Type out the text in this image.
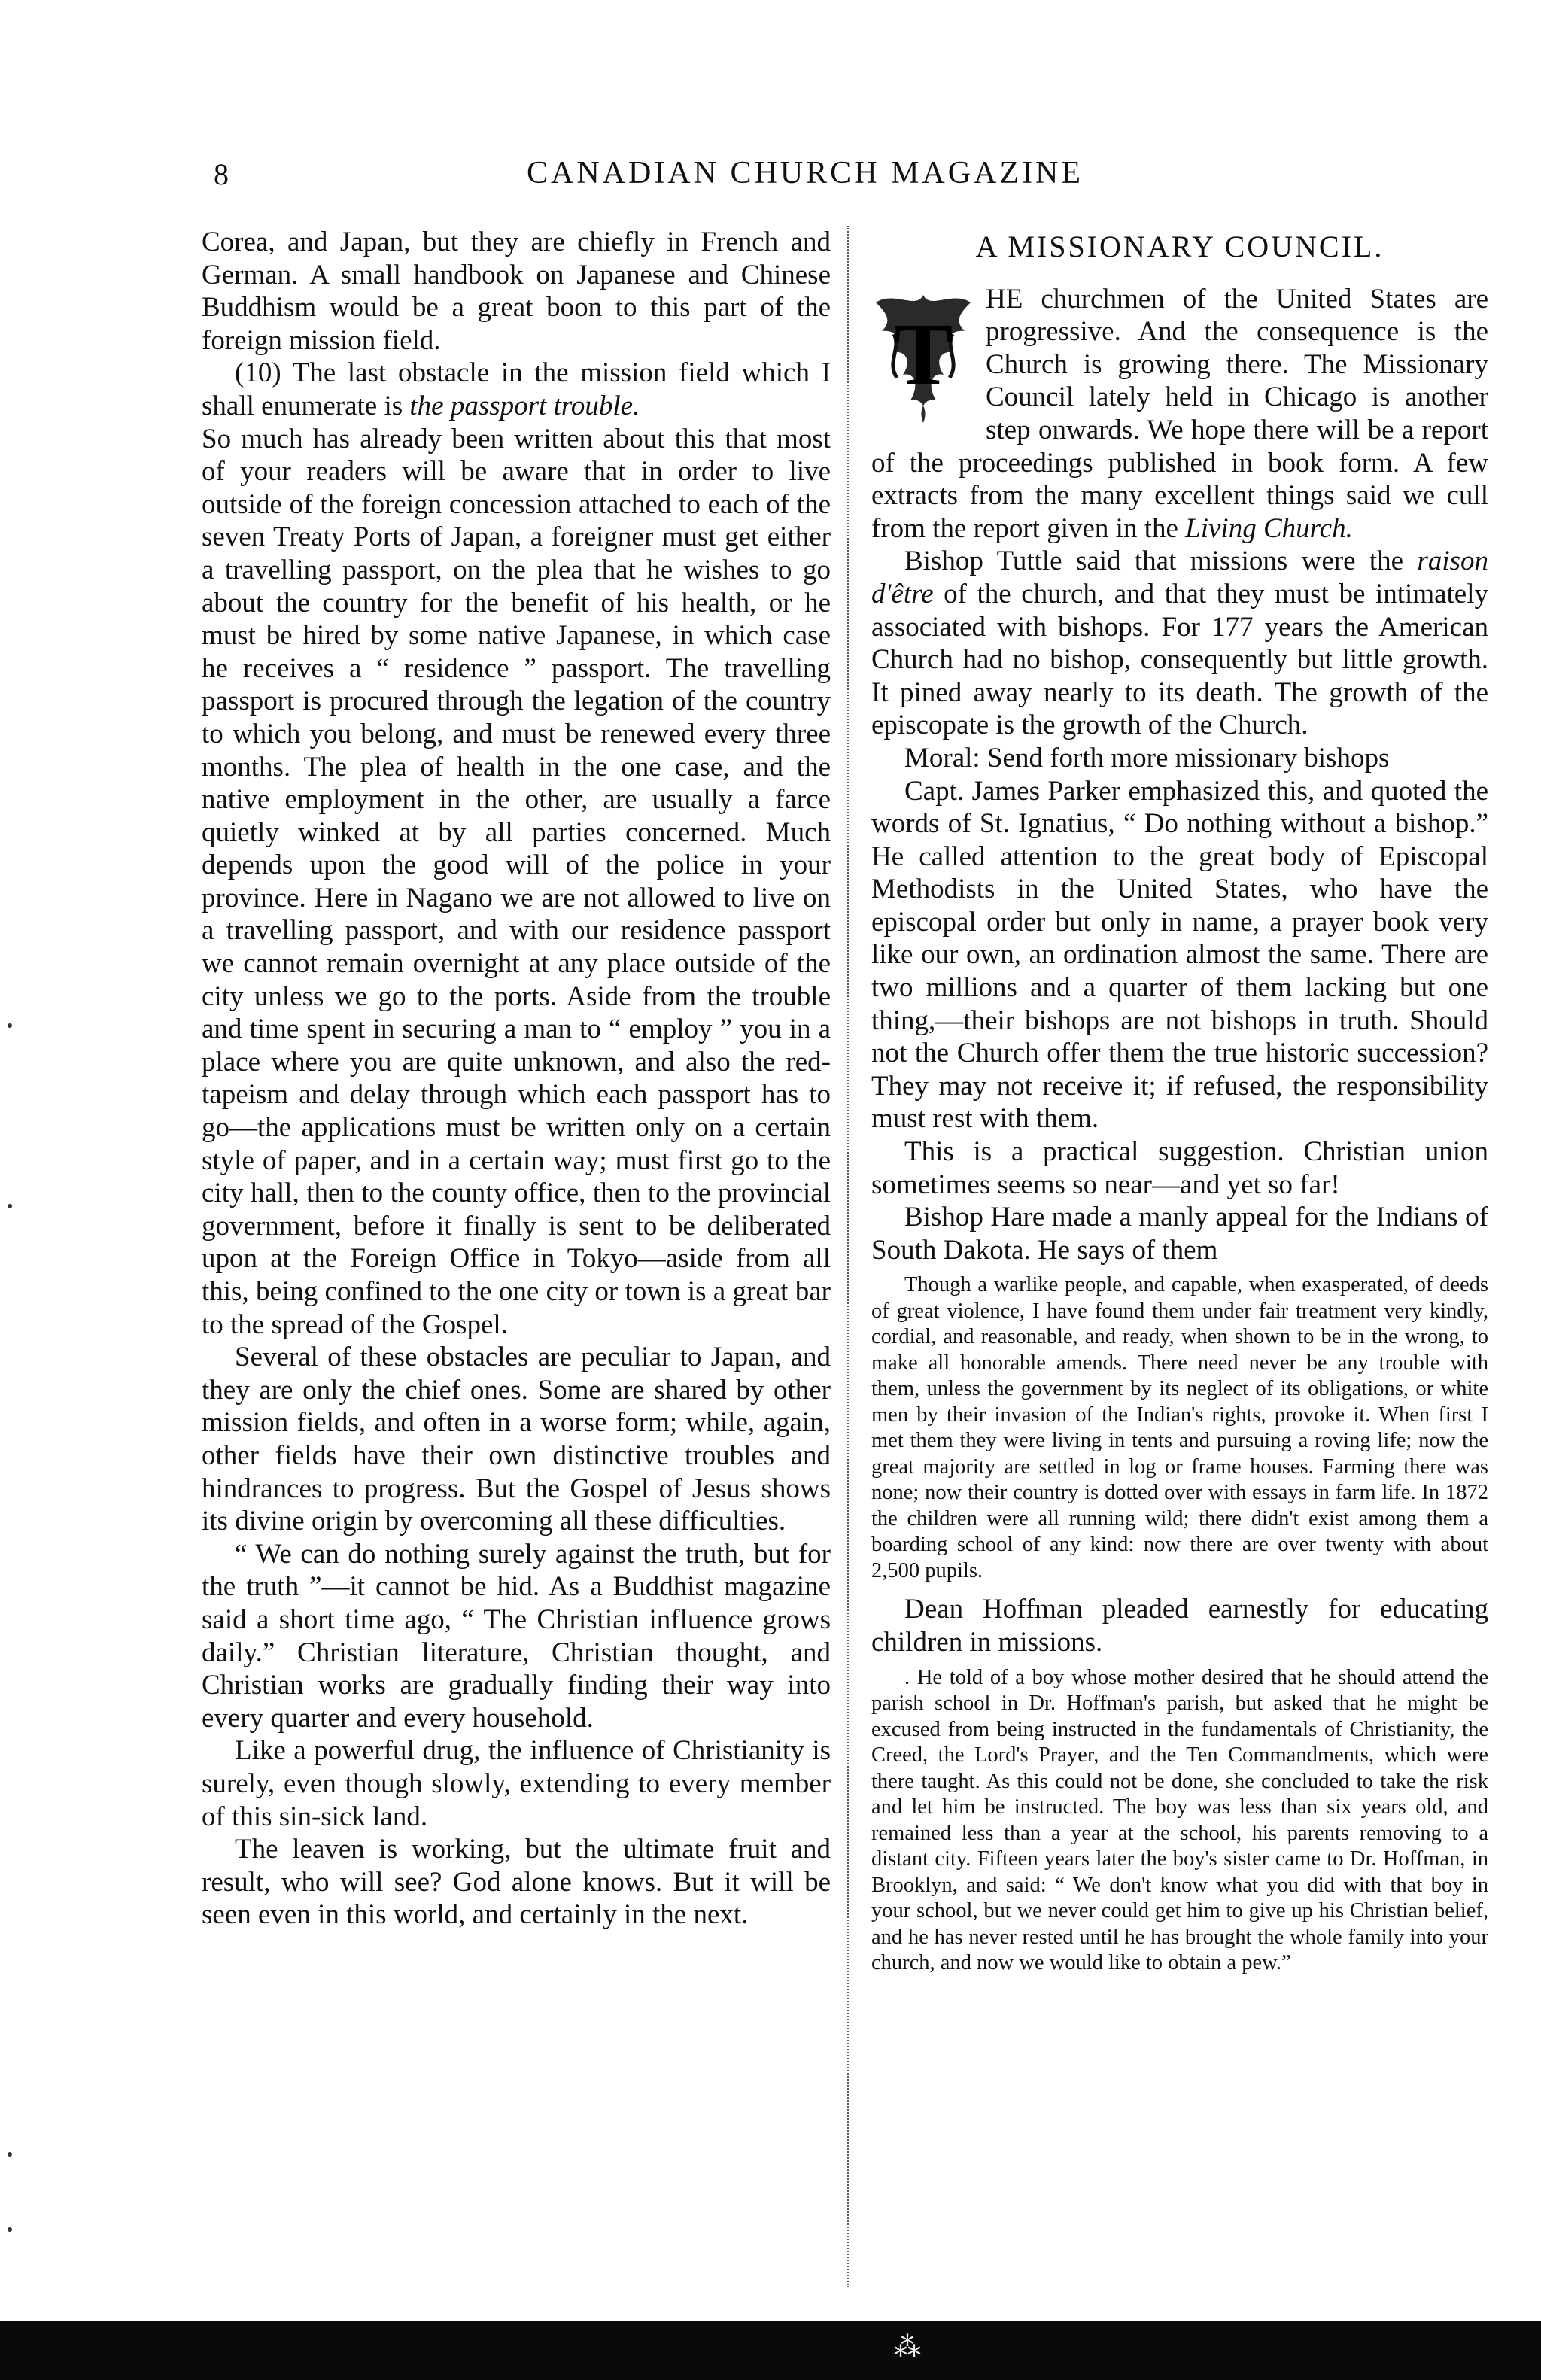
8	CANADIAN CHURCH MAGAZINE

Corea, and Japan, but they are chiefly in French and German. A small handbook on Japanese and Chinese Buddhism would be a great boon to this part of the foreign mission field.

(10) The last obstacle in the mission field which I shall enumerate is the passport trouble.

So much has already been written about this that most of your readers will be aware that in order to live outside of the foreign concession attached to each of the seven Treaty Ports of Japan, a foreigner must get either a travelling passport, on the plea that he wishes to go about the country for the benefit of his health, or he must be hired by some native Japanese, in which case he receives a “ residence ” passport. The travelling passport is procured through the legation of the country to which you belong, and must be renewed every three months. The plea of health in the one case, and the native employment in the other, are usually a farce quietly winked at by all parties concerned. Much depends upon the good will of the police in your province. Here in Nagano we are not allowed to live on a travelling passport, and with our residence passport we cannot remain overnight at any place outside of the city unless we go to the ports. Aside from the trouble and time spent in securing a man to “ employ ” you in a place where you are quite unknown, and also the red-tapeism and delay through which each passport has to go—the applications must be written only on a certain style of paper, and in a certain way; must first go to the city hall, then to the county office, then to the provincial government, before it finally is sent to be deliberated upon at the Foreign Office in Tokyo—aside from all this, being confined to the one city or town is a great bar to the spread of the Gospel.

Several of these obstacles are peculiar to Japan, and they are only the chief ones. Some are shared by other mission fields, and often in a worse form; while, again, other fields have their own distinctive troubles and hindrances to progress. But the Gospel of Jesus shows its divine origin by overcoming all these difficulties.

“ We can do nothing surely against the truth, but for the truth ”—it cannot be hid. As a Buddhist magazine said a short time ago, “ The Christian influence grows daily.” Christian literature, Christian thought, and Christian works are gradually finding their way into every quarter and every household.

Like a powerful drug, the influence of Christianity is surely, even though slowly, extending to every member of this sin-sick land.

The leaven is working, but the ultimate fruit and result, who will see? God alone knows. But it will be seen even in this world, and certainly in the next.

A MISSIONARY COUNCIL.
T

HE churchmen of the United States are progressive. And the consequence is the Church is growing there. The Missionary Council lately held in Chicago is another step onwards. We hope there will be a report of the proceedings published in book form. A few extracts from the many excellent things said we cull from the report given in the Living Church.

Bishop Tuttle said that missions were the raison d'être of the church, and that they must be intimately associated with bishops. For 177 years the American Church had no bishop, consequently but little growth. It pined away nearly to its death. The growth of the episcopate is the growth of the Church.

Moral: Send forth more missionary bishops

Capt. James Parker emphasized this, and quoted the words of St. Ignatius, “ Do nothing without a bishop.” He called attention to the great body of Episcopal Methodists in the United States, who have the episcopal order but only in name, a prayer book very like our own, an ordination almost the same. There are two millions and a quarter of them lacking but one thing,—their bishops are not bishops in truth. Should not the Church offer them the true historic succession? They may not receive it; if refused, the responsibility must rest with them.

This is a practical suggestion. Christian union sometimes seems so near—and yet so far!

Bishop Hare made a manly appeal for the Indians of South Dakota. He says of them

Though a warlike people, and capable, when exasperated, of deeds of great violence, I have found them under fair treatment very kindly, cordial, and reasonable, and ready, when shown to be in the wrong, to make all honorable amends. There need never be any trouble with them, unless the government by its neglect of its obligations, or white men by their invasion of the Indian's rights, provoke it. When first I met them they were living in tents and pursuing a roving life; now the great majority are settled in log or frame houses. Farming there was none; now their country is dotted over with essays in farm life. In 1872 the children were all running wild; there didn't exist among them a boarding school of any kind: now there are over twenty with about 2,500 pupils.

Dean Hoffman pleaded earnestly for educating children in missions.

. He told of a boy whose mother desired that he should attend the parish school in Dr. Hoffman's parish, but asked that he might be excused from being instructed in the fundamentals of Christianity, the Creed, the Lord's Prayer, and the Ten Commandments, which were there taught. As this could not be done, she concluded to take the risk and let him be instructed. The boy was less than six years old, and remained less than a year at the school, his parents removing to a distant city. Fifteen years later the boy's sister came to Dr. Hoffman, in Brooklyn, and said: “ We don't know what you did with that boy in your school, but we never could get him to give up his Christian belief, and he has never rested until he has brought the whole family into your church, and now we would like to obtain a pew.”

⁂
